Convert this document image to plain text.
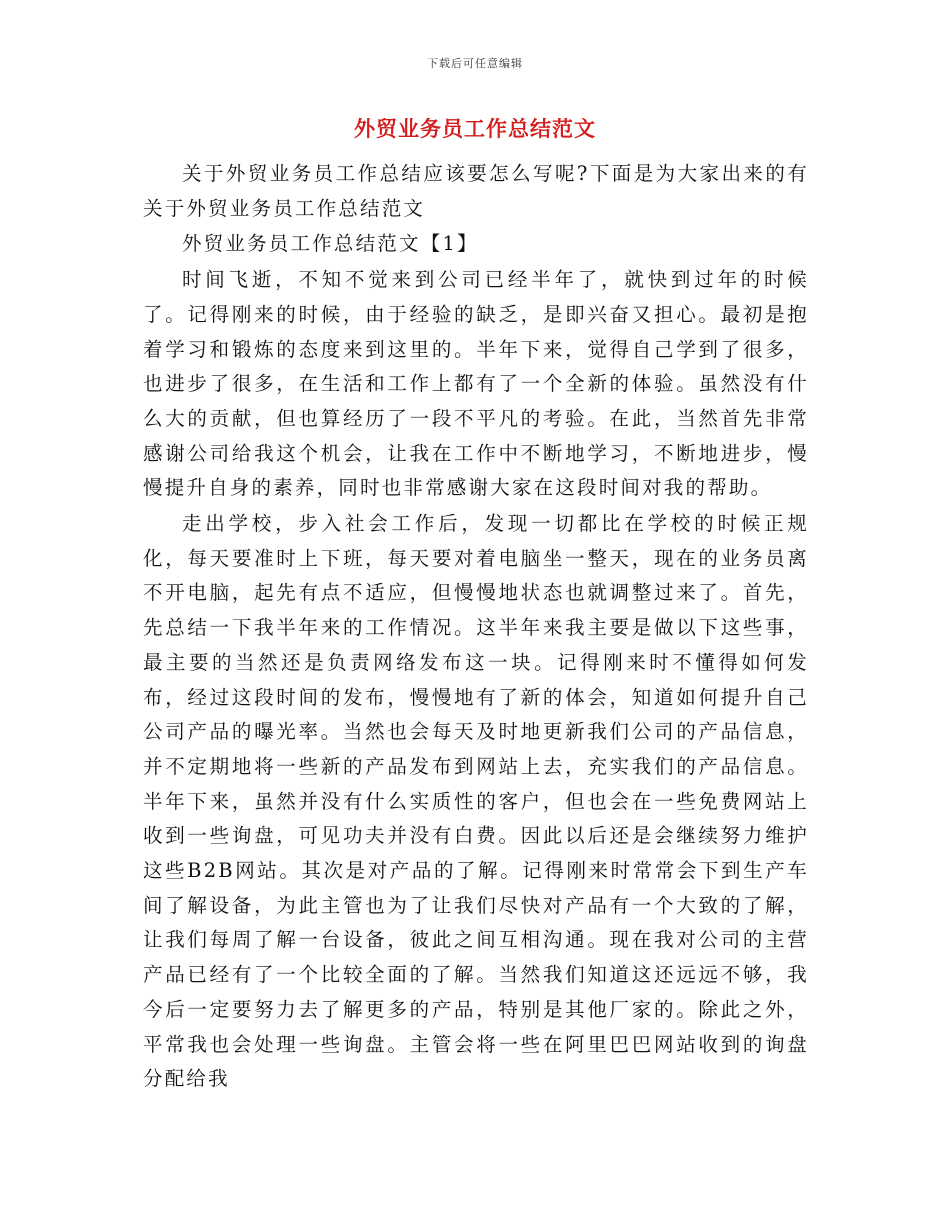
下载后可任意编辑
外贸业务员工作总结范文

关于外贸业务员工作总结应该要怎么写呢?下面是为大家出来的有关于外贸业务员工作总结范文

外贸业务员工作总结范文【1】

时间飞逝，不知不觉来到公司已经半年了，就快到过年的时候了。记得刚来的时候，由于经验的缺乏，是即兴奋又担心。最初是抱着学习和锻炼的态度来到这里的。半年下来，觉得自己学到了很多，也进步了很多，在生活和工作上都有了一个全新的体验。虽然没有什么大的贡献，但也算经历了一段不平凡的考验。在此，当然首先非常感谢公司给我这个机会，让我在工作中不断地学习，不断地进步，慢慢提升自身的素养，同时也非常感谢大家在这段时间对我的帮助。

走出学校，步入社会工作后，发现一切都比在学校的时候正规化，每天要准时上下班，每天要对着电脑坐一整天，现在的业务员离不开电脑，起先有点不适应，但慢慢地状态也就调整过来了。首先，先总结一下我半年来的工作情况。这半年来我主要是做以下这些事，最主要的当然还是负责网络发布这一块。记得刚来时不懂得如何发布，经过这段时间的发布，慢慢地有了新的体会，知道如何提升自己公司产品的曝光率。当然也会每天及时地更新我们公司的产品信息，并不定期地将一些新的产品发布到网站上去，充实我们的产品信息。半年下来，虽然并没有什么实质性的客户，但也会在一些免费网站上收到一些询盘，可见功夫并没有白费。因此以后还是会继续努力维护这些B2B网站。其次是对产品的了解。记得刚来时常常会下到生产车间了解设备，为此主管也为了让我们尽快对产品有一个大致的了解，让我们每周了解一台设备，彼此之间互相沟通。现在我对公司的主营产品已经有了一个比较全面的了解。当然我们知道这还远远不够，我今后一定要努力去了解更多的产品，特别是其他厂家的。除此之外，平常我也会处理一些询盘。主管会将一些在阿里巴巴网站收到的询盘分配给我
